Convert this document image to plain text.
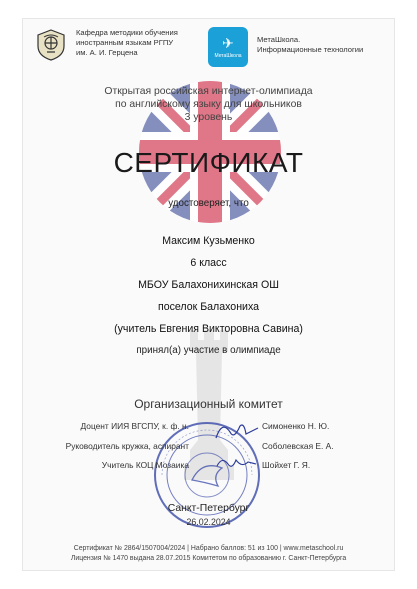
Кафедра методики обучения
иностранным языкам РГПУ
им. А. И. Герцена
✈
МетаШкола
МетаШкола.
Информационные технологии
Открытая российская интернет-олимпиада
по английскому языку для школьников
3 уровень
СЕРТИФИКАТ
удостоверяет, что
Максим Кузьменко
6 класс
МБОУ Балахонихинская ОШ
поселок Балахониха
(учитель Евгения Викторовна Савина)
принял(а) участие в олимпиаде
Организационный комитет
Доцент ИИЯ ВГСПУ, к. ф. н.	Симоненко Н. Ю.
Руководитель кружка, аспирант	Соболевская Е. А.
Учитель КОЦ Мозаика	Шойхет Г. Я.
Санкт-Петербург
26.02.2024
Сертификат № 2864/1507004/2024 | Набрано баллов: 51 из 100 | www.metaschool.ru
Лицензия № 1470 выдана 28.07.2015 Комитетом по образованию г. Санкт-Петербурга
